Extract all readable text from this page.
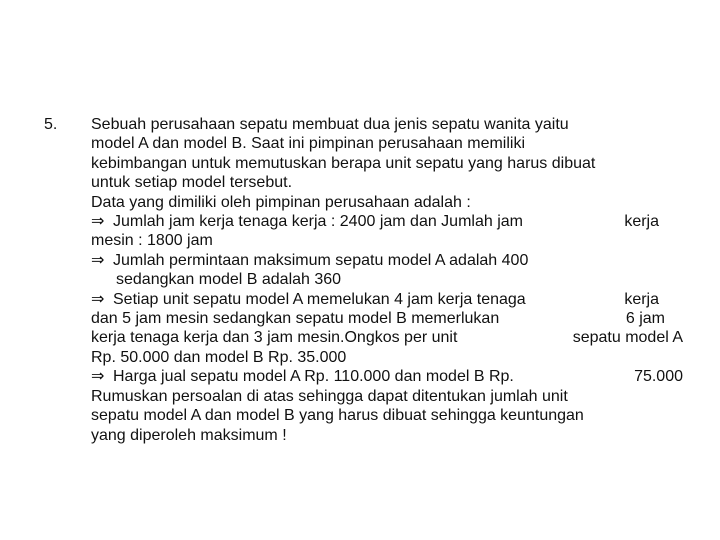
5. Sebuah perusahaan sepatu membuat dua jenis sepatu wanita yaitu
model A dan model B. Saat ini pimpinan perusahaan memiliki
kebimbangan untuk memutuskan berapa unit sepatu yang harus dibuat
untuk setiap model tersebut.
Data yang dimiliki oleh pimpinan perusahaan adalah :
⇒ Jumlah jam kerja tenaga kerja : 2400 jam dan Jumlah jam	kerja
mesin : 1800 jam
⇒ Jumlah permintaan maksimum sepatu model A adalah 400
sedangkan model B adalah 360
⇒ Setiap unit sepatu model A memelukan 4 jam kerja tenaga	kerja
dan 5 jam mesin sedangkan sepatu model B memerlukan	6 jam
kerja tenaga kerja dan 3 jam mesin.Ongkos per unit	sepatu model A
Rp. 50.000 dan model B Rp. 35.000
⇒ Harga jual sepatu model A Rp. 110.000 dan model B Rp.	75.000
Rumuskan persoalan di atas sehingga dapat ditentukan jumlah unit
sepatu model A dan model B yang harus dibuat sehingga keuntungan
yang diperoleh maksimum !
